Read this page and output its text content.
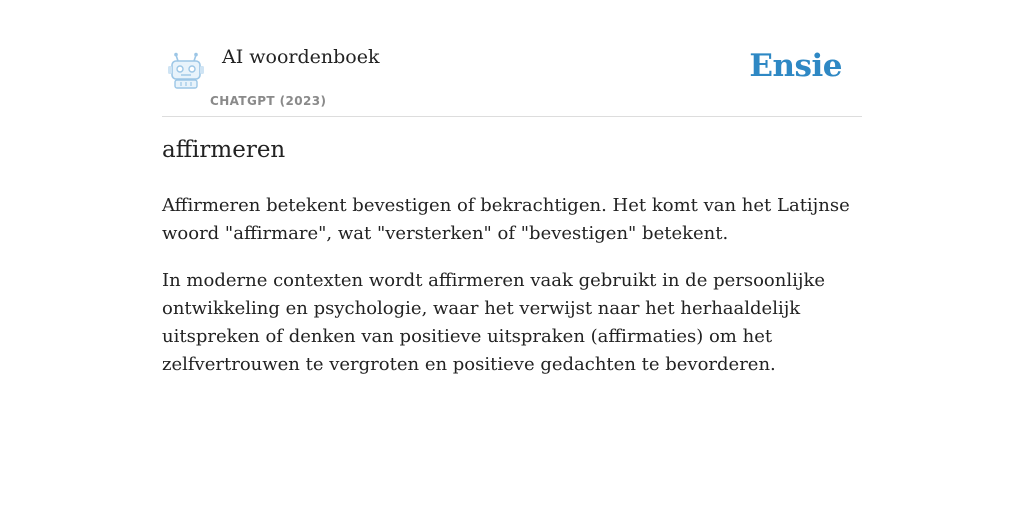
AI woordenboek
CHATGPT (2023)
Ensie
affirmeren

Affirmeren betekent bevestigen of bekrachtigen. Het komt van het Latijnse woord "affirmare", wat "versterken" of "bevestigen" betekent.

In moderne contexten wordt affirmeren vaak gebruikt in de persoonlijke ontwikkeling en psychologie, waar het verwijst naar het herhaaldelijk uitspreken of denken van positieve uitspraken (affirmaties) om het zelfvertrouwen te vergroten en positieve gedachten te bevorderen.
